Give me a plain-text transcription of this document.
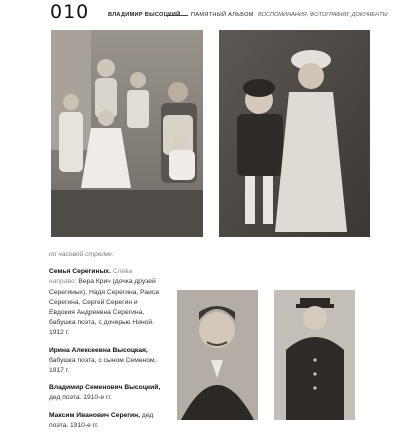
010	ВЛАДИМИР ВЫСОЦКИЙ ПАМЯТНЫЙ АЛЬБОМ ВОСПОМИНАНИЯ, ФОТОГРАФИИ, ДОКУМЕНТЫ

по часовой стрелке:

Семья Серегиных. Слева направо: Вера Крич (дочка друзей Серегиных), Надя Серегина, Раиса Серегина, Сергей Серегин и Евдокия Андреевна Серегина, бабушка поэта, с дочерью Ниной. 1912 г.

Ирина Алексеевна Высоцкая, бабушка поэта, с сыном Семеном. 1917 г.

Владимир Семенович Высоцкий, дед поэта. 1910-е гг.

Максим Иванович Серегин, дед поэта. 1910-е гг.
